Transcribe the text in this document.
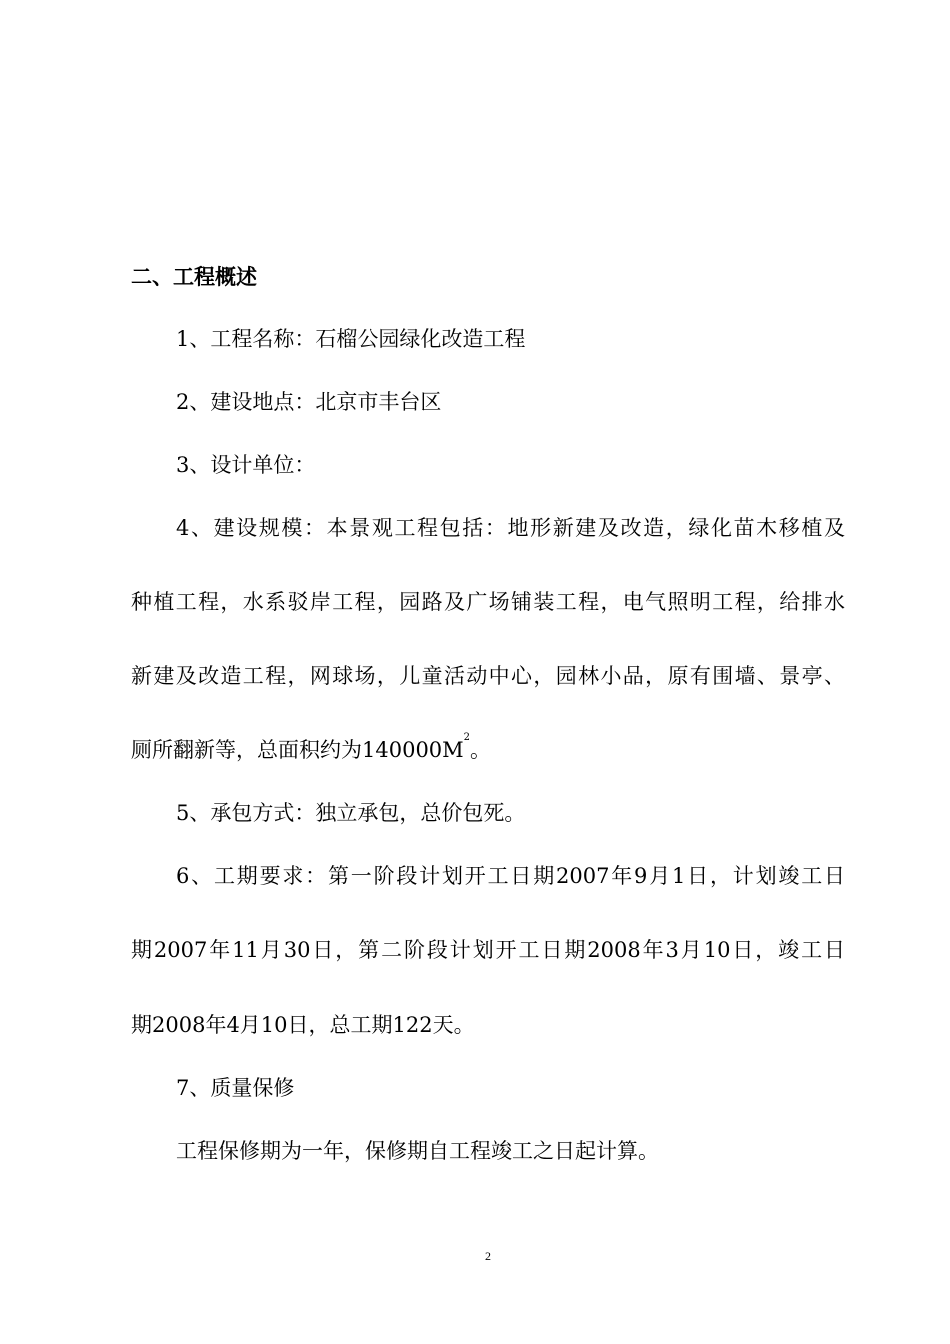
二、工程概述

1、工程名称：石榴公园绿化改造工程

2、建设地点：北京市丰台区

3、设计单位：

4、建设规模：本景观工程包括：地形新建及改造，绿化苗木移植及

种植工程，水系驳岸工程，园路及广场铺装工程，电气照明工程，给排水

新建及改造工程，网球场，儿童活动中心，园林小品，原有围墙、景亭、

厕所翻新等，总面积约为$140000M^2$。

5、承包方式：独立承包，总价包死。

6、工期要求：第一阶段计划开工日期2007年9月1日，计划竣工日

期2007年11月30日，第二阶段计划开工日期2008年3月10日，竣工日

期2008年4月10日，总工期122天。

7、质量保修

工程保修期为一年，保修期自工程竣工之日起计算。

2
